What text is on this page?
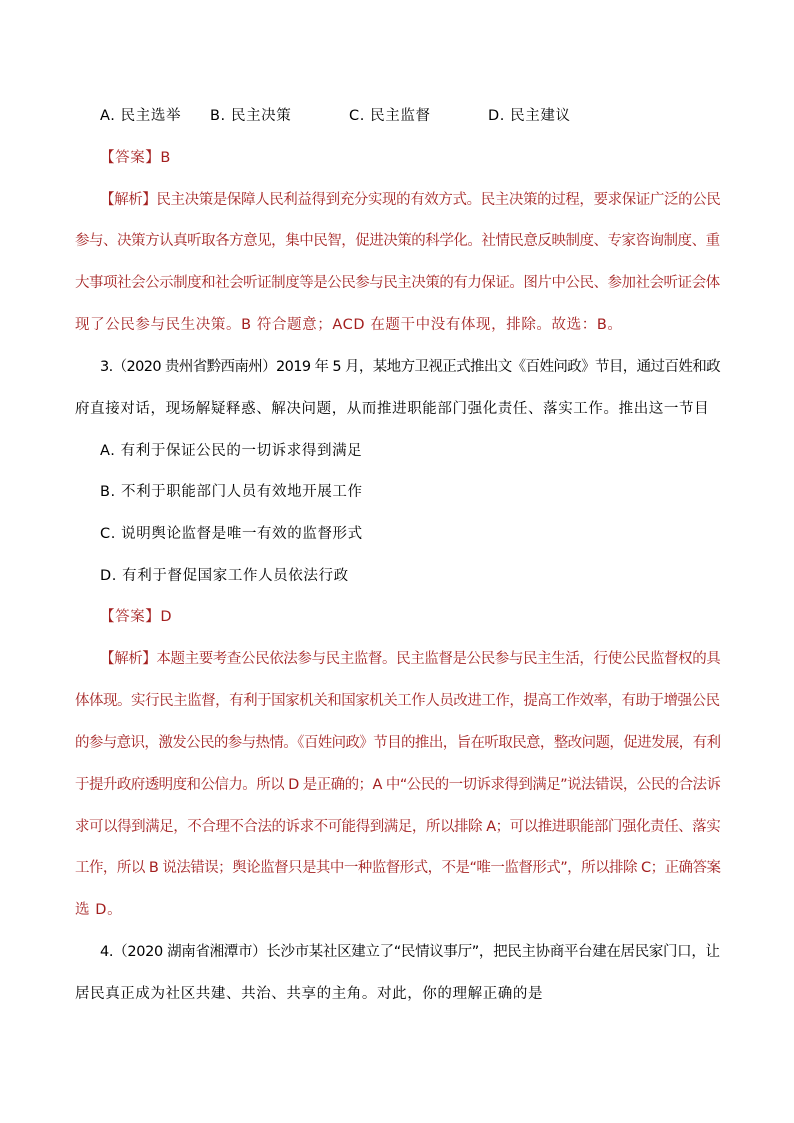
A. 民主选举 B. 民主决策	C. 民主监督	D. 民主建议
【答案】B
【解析】民主决策是保障人民利益得到充分实现的有效方式。民主决策的过程，要求保证广泛的公民
参与、决策方认真听取各方意见，集中民智，促进决策的科学化。社情民意反映制度、专家咨询制度、重
大事项社会公示制度和社会听证制度等是公民参与民主决策的有力保证。图片中公民、参加社会听证会体
现了公民参与民生决策。B 符合题意；ACD 在题干中没有体现，排除。故选：B。
3.（2020 贵州省黔西南州）2019 年 5 月，某地方卫视正式推出文《百姓问政》节目，通过百姓和政
府直接对话，现场解疑释惑、解决问题，从而推进职能部门强化责任、落实工作。推出这一节目
A. 有利于保证公民的一切诉求得到满足
B. 不利于职能部门人员有效地开展工作
C. 说明舆论监督是唯一有效的监督形式
D. 有利于督促国家工作人员依法行政
【答案】D
【解析】本题主要考查公民依法参与民主监督。民主监督是公民参与民主生活，行使公民监督权的具
体体现。实行民主监督，有利于国家机关和国家机关工作人员改进工作，提高工作效率，有助于增强公民
的参与意识，激发公民的参与热情。《百姓问政》节目的推出，旨在听取民意，整改问题，促进发展，有利
于提升政府透明度和公信力。所以 D 是正确的；A 中“公民的一切诉求得到满足”说法错误，公民的合法诉
求可以得到满足，不合理不合法的诉求不可能得到满足，所以排除 A；可以推进职能部门强化责任、落实
工作，所以 B 说法错误；舆论监督只是其中一种监督形式，不是“唯一监督形式”，所以排除 C；正确答案
选 D。
4.（2020 湖南省湘潭市）长沙市某社区建立了“民情议事厅”，把民主协商平台建在居民家门口，让
居民真正成为社区共建、共治、共享的主角。对此，你的理解正确的是
